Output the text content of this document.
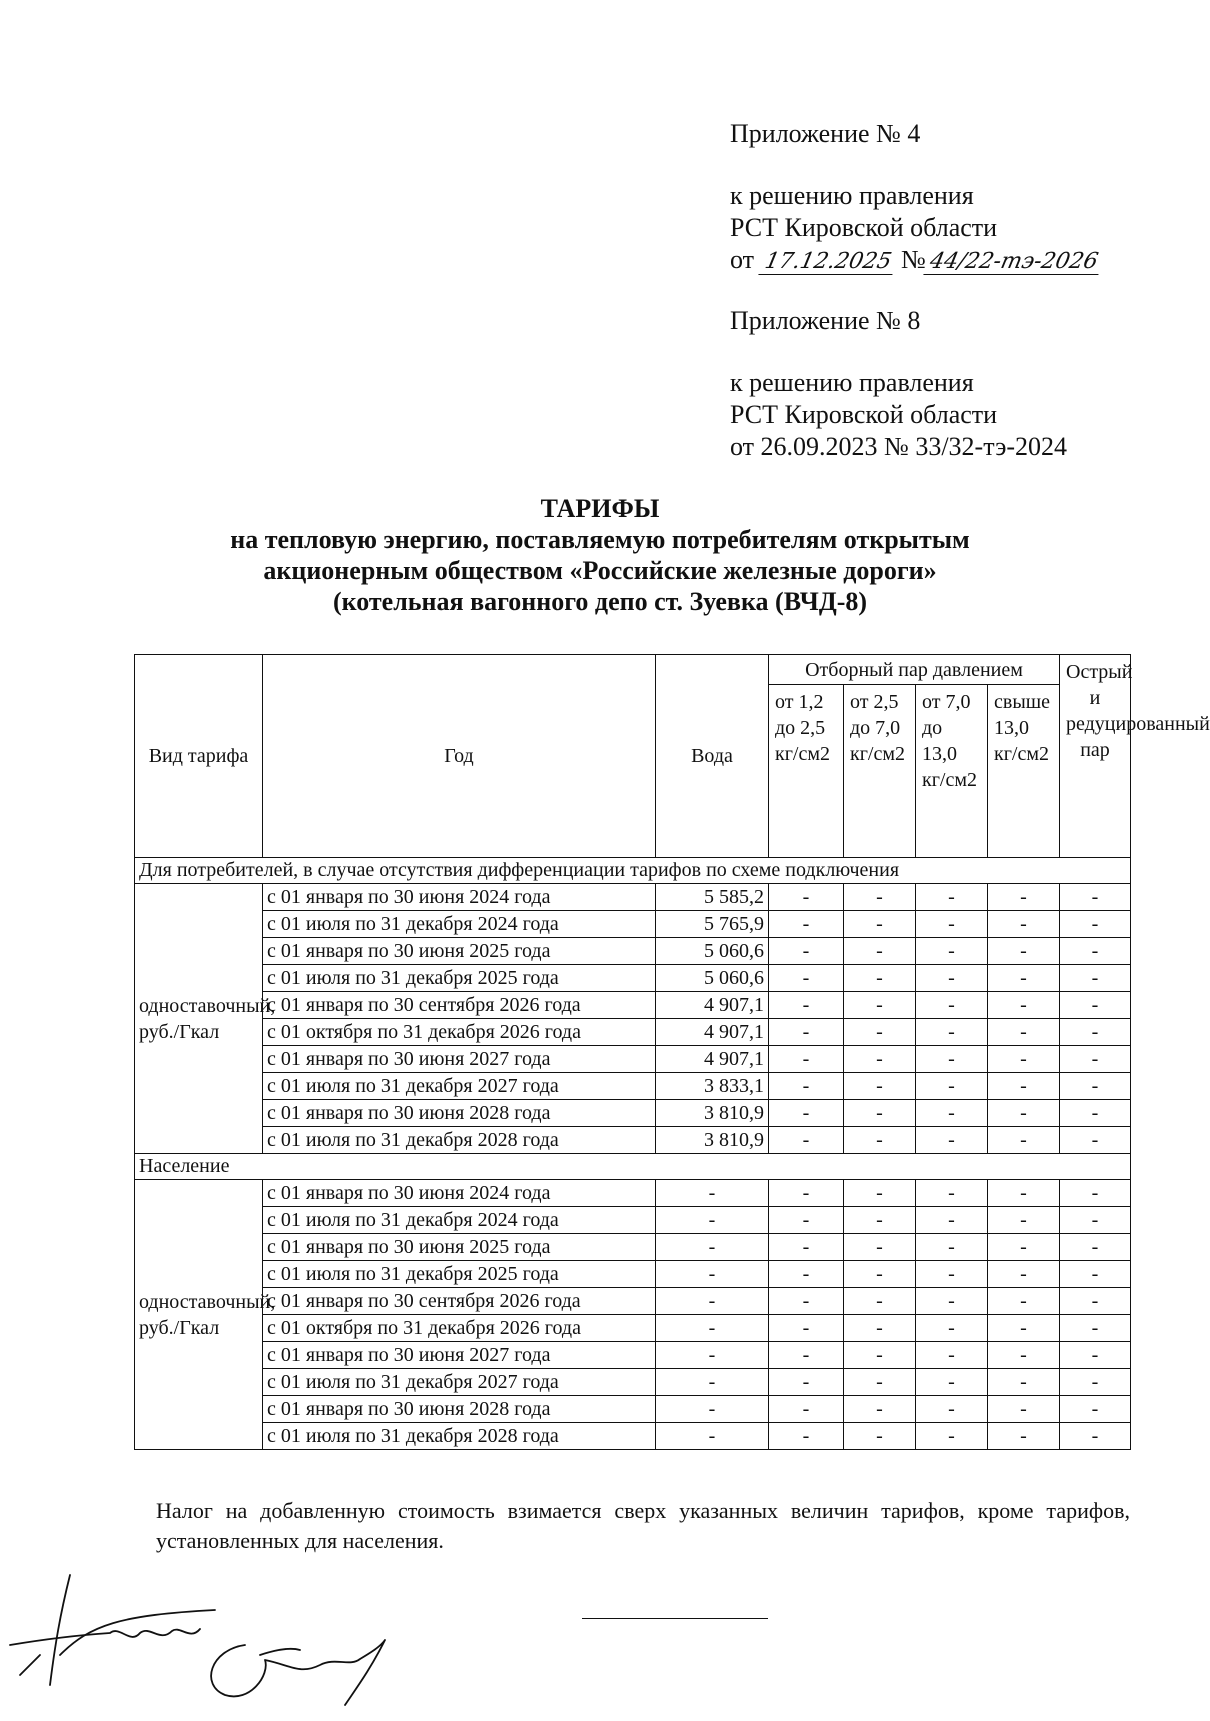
Приложение № 4
к решению правления
РСТ Кировской области
от 17.12.2025 №44/22-тэ-2026
Приложение № 8
к решению правления
РСТ Кировской области
от 26.09.2023 № 33/32-тэ-2024
ТАРИФЫ
на тепловую энергию, поставляемую потребителям открытым
акционерным обществом «Российские железные дороги»
(котельная вагонного депо ст. Зуевка (ВЧД-8)
Вид тарифа	Год	Вода	Отборный пар давлением				Острый и редуцированный пар
			от 1,2 до 2,5 кг/см2	от 2,5 до 7,0 кг/см2	от 7,0 до 13,0 кг/см2	свыше 13,0 кг/см2	
Для потребителей, в случае отсутствия дифференциации тарифов по схеме подключения							
одноставочный, руб./Гкал	с 01 января по 30 июня 2024 года	5 585,2	-	-	-	-	-
	с 01 июля по 31 декабря 2024 года	5 765,9	-	-	-	-	-
	с 01 января по 30 июня 2025 года	5 060,6	-	-	-	-	-
	с 01 июля по 31 декабря 2025 года	5 060,6	-	-	-	-	-
	с 01 января по 30 сентября 2026 года	4 907,1	-	-	-	-	-
	с 01 октября по 31 декабря 2026 года	4 907,1	-	-	-	-	-
	с 01 января по 30 июня 2027 года	4 907,1	-	-	-	-	-
	с 01 июля по 31 декабря 2027 года	3 833,1	-	-	-	-	-
	с 01 января по 30 июня 2028 года	3 810,9	-	-	-	-	-
	с 01 июля по 31 декабря 2028 года	3 810,9	-	-	-	-	-
Население							
одноставочный, руб./Гкал	с 01 января по 30 июня 2024 года	-	-	-	-	-	-
	с 01 июля по 31 декабря 2024 года	-	-	-	-	-	-
	с 01 января по 30 июня 2025 года	-	-	-	-	-	-
	с 01 июля по 31 декабря 2025 года	-	-	-	-	-	-
	с 01 января по 30 сентября 2026 года	-	-	-	-	-	-
	с 01 октября по 31 декабря 2026 года	-	-	-	-	-	-
	с 01 января по 30 июня 2027 года	-	-	-	-	-	-
	с 01 июля по 31 декабря 2027 года	-	-	-	-	-	-
	с 01 января по 30 июня 2028 года	-	-	-	-	-	-
	с 01 июля по 31 декабря 2028 года	-	-	-	-	-	-
Налог на добавленную стоимость взимается сверх указанных величин тарифов, кроме тарифов, установленных для населения.
